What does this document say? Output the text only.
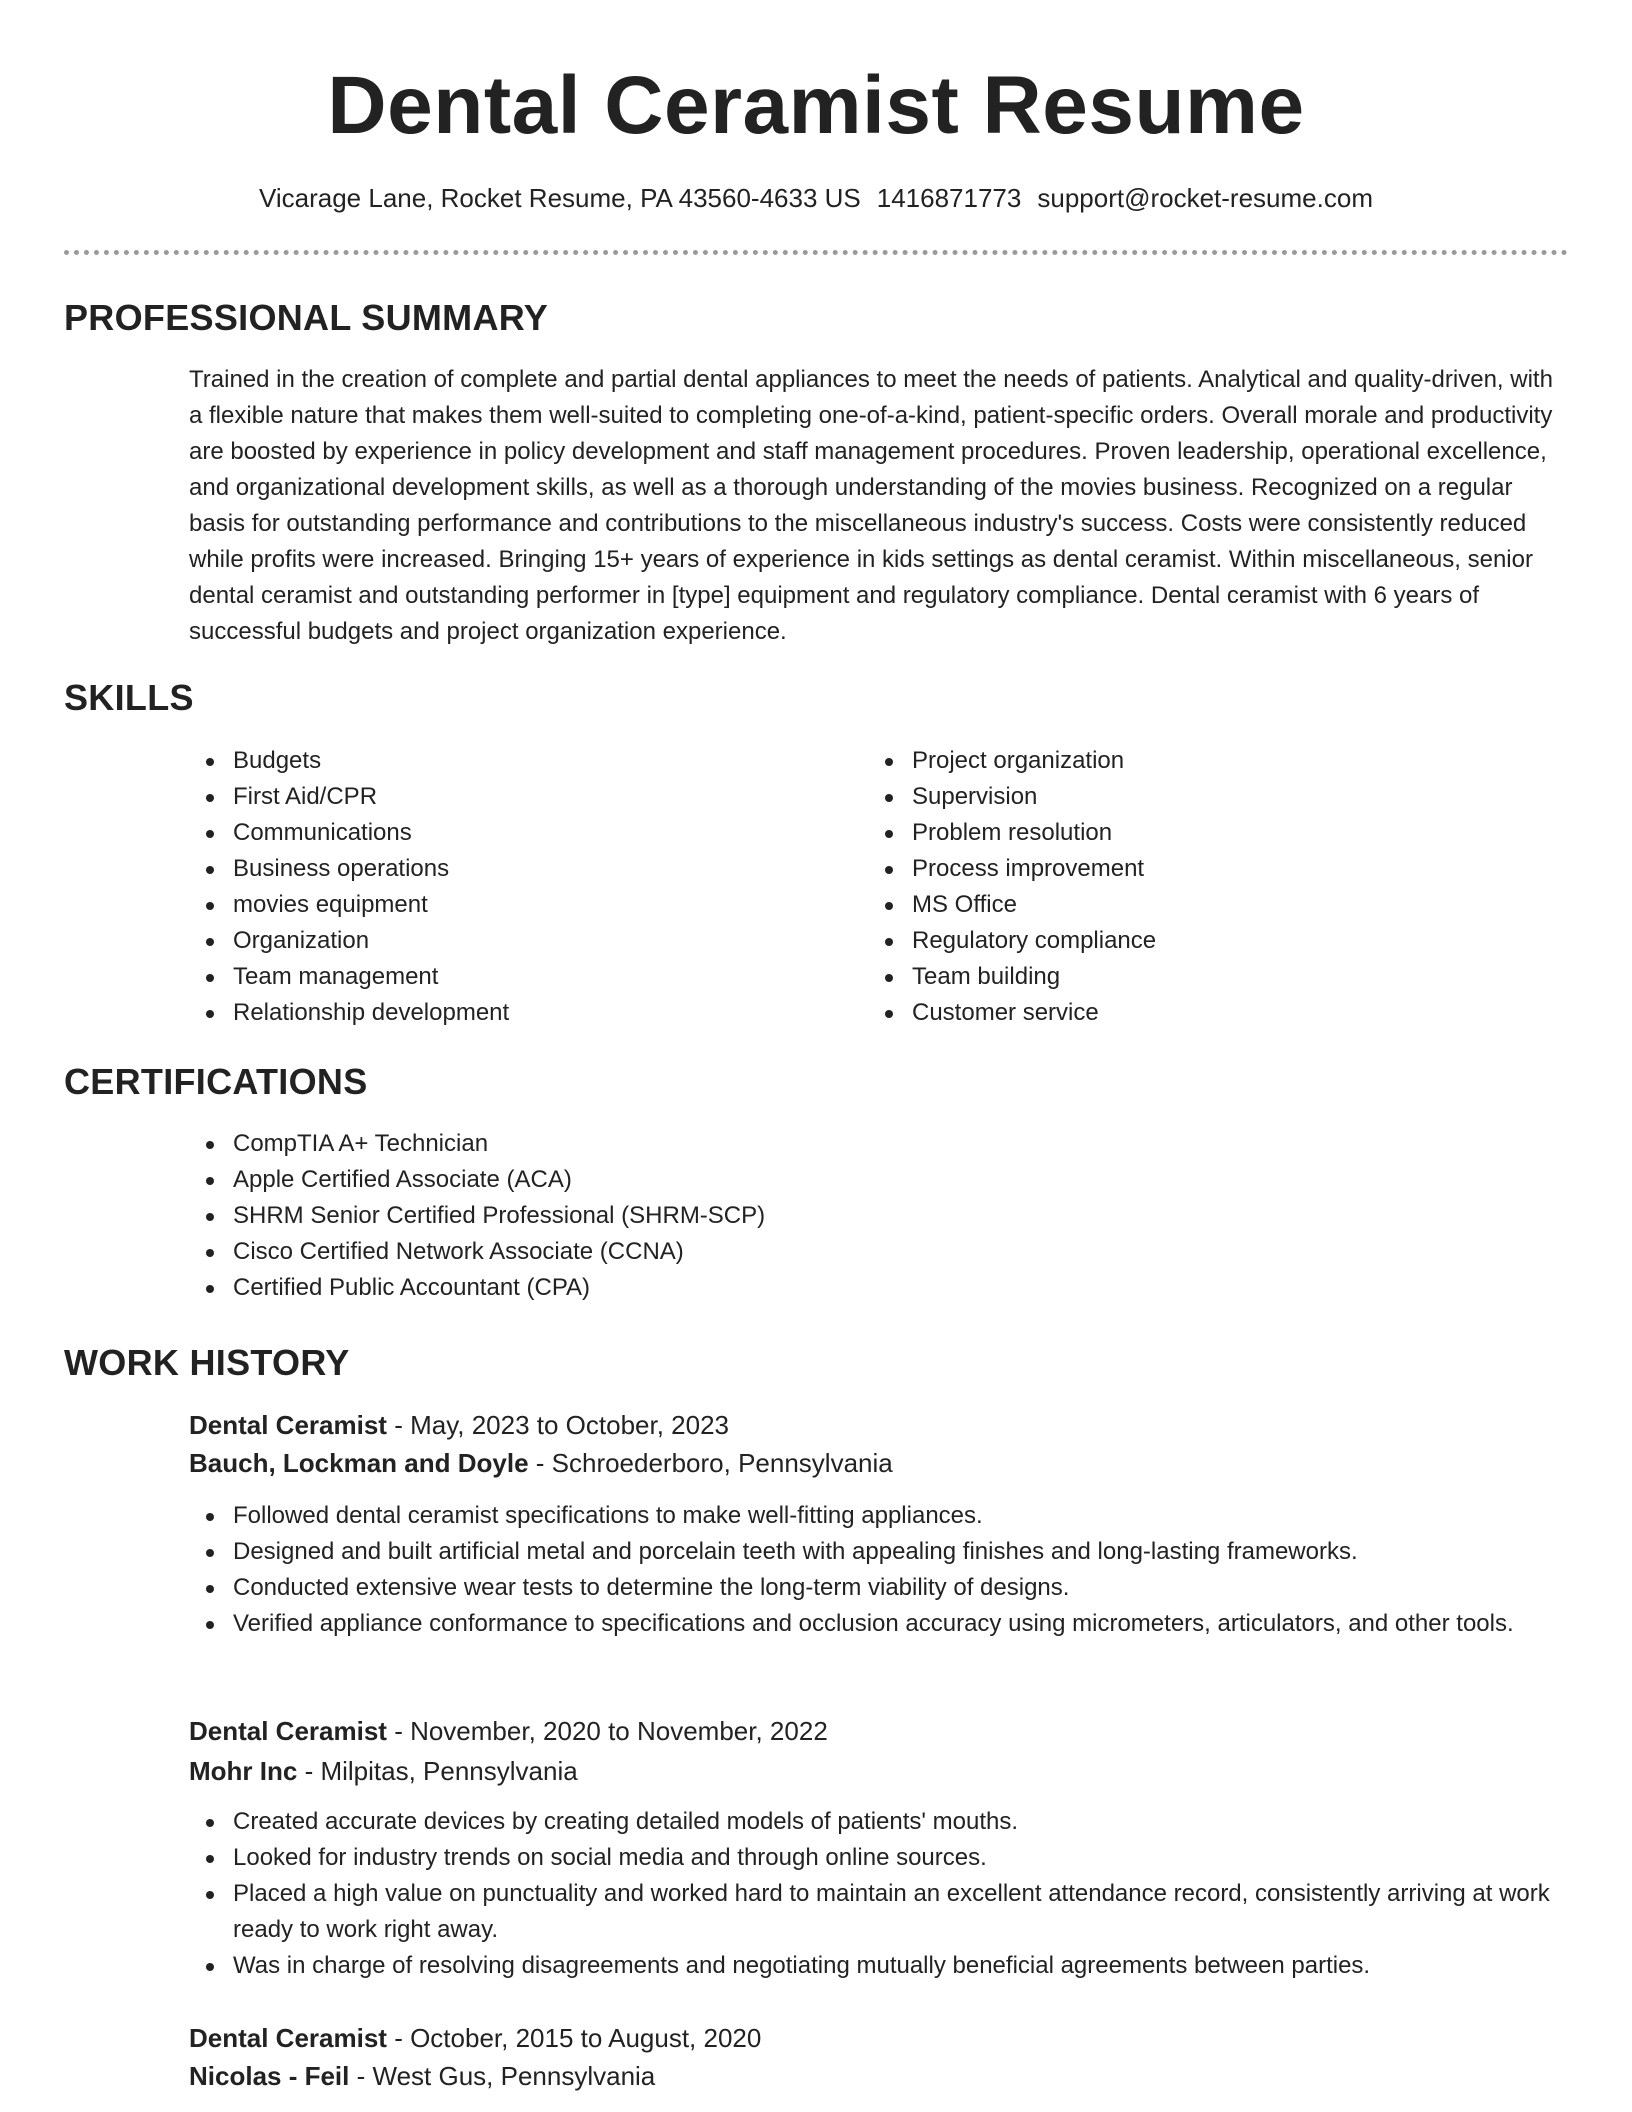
Dental Ceramist Resume
Vicarage Lane, Rocket Resume, PA 43560-4633 US 1416871773 support@rocket-resume.com
PROFESSIONAL SUMMARY
Trained in the creation of complete and partial dental appliances to meet the needs of patients. Analytical and quality-driven, with a flexible nature that makes them well-suited to completing one-of-a-kind, patient-specific orders. Overall morale and productivity are boosted by experience in policy development and staff management procedures. Proven leadership, operational excellence, and organizational development skills, as well as a thorough understanding of the movies business. Recognized on a regular basis for outstanding performance and contributions to the miscellaneous industry's success. Costs were consistently reduced while profits were increased. Bringing 15+ years of experience in kids settings as dental ceramist. Within miscellaneous, senior dental ceramist and outstanding performer in [type] equipment and regulatory compliance. Dental ceramist with 6 years of successful budgets and project organization experience.
SKILLS
Budgets
First Aid/CPR
Communications
Business operations
movies equipment
Organization
Team management
Relationship development
Project organization
Supervision
Problem resolution
Process improvement
MS Office
Regulatory compliance
Team building
Customer service
CERTIFICATIONS
CompTIA A+ Technician
Apple Certified Associate (ACA)
SHRM Senior Certified Professional (SHRM-SCP)
Cisco Certified Network Associate (CCNA)
Certified Public Accountant (CPA)
WORK HISTORY
Dental Ceramist - May, 2023 to October, 2023
Bauch, Lockman and Doyle - Schroederboro, Pennsylvania
Followed dental ceramist specifications to make well-fitting appliances.
Designed and built artificial metal and porcelain teeth with appealing finishes and long-lasting frameworks.
Conducted extensive wear tests to determine the long-term viability of designs.
Verified appliance conformance to specifications and occlusion accuracy using micrometers, articulators, and other tools.
Dental Ceramist - November, 2020 to November, 2022
Mohr Inc - Milpitas, Pennsylvania
Created accurate devices by creating detailed models of patients' mouths.
Looked for industry trends on social media and through online sources.
Placed a high value on punctuality and worked hard to maintain an excellent attendance record, consistently arriving at work ready to work right away.
Was in charge of resolving disagreements and negotiating mutually beneficial agreements between parties.
Dental Ceramist - October, 2015 to August, 2020
Nicolas - Feil - West Gus, Pennsylvania
